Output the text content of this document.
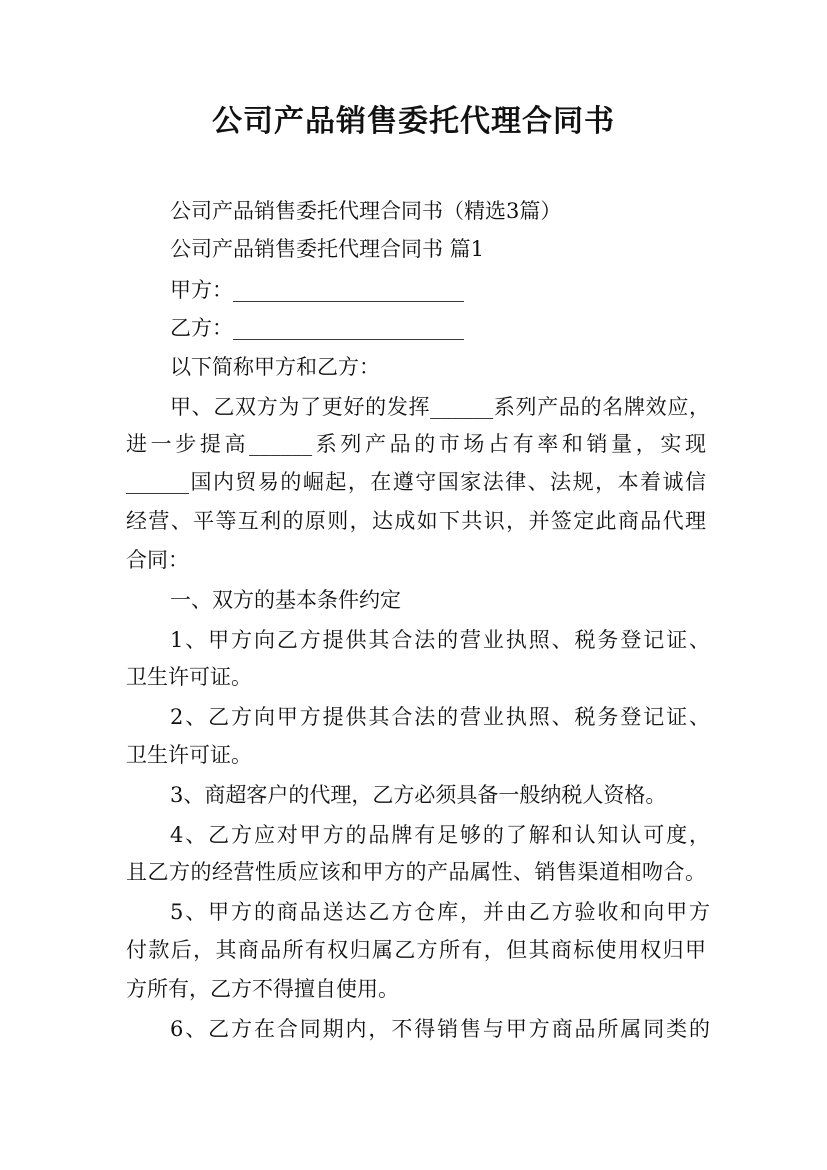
公司产品销售委托代理合同书
公司产品销售委托代理合同书（精选3篇）
公司产品销售委托代理合同书 篇1
甲方：______________________
乙方：______________________
以下简称甲方和乙方：
甲、乙双方为了更好的发挥______系列产品的名牌效应，
进一步提高______系列产品的市场占有率和销量，实现
______国内贸易的崛起，在遵守国家法律、法规，本着诚信
经营、平等互利的原则，达成如下共识，并签定此商品代理
合同：
一、双方的基本条件约定
1、甲方向乙方提供其合法的营业执照、税务登记证、
卫生许可证。
2、乙方向甲方提供其合法的营业执照、税务登记证、
卫生许可证。
3、商超客户的代理，乙方必须具备一般纳税人资格。
4、乙方应对甲方的品牌有足够的了解和认知认可度，
且乙方的经营性质应该和甲方的产品属性、销售渠道相吻合。
5、甲方的商品送达乙方仓库，并由乙方验收和向甲方
付款后，其商品所有权归属乙方所有，但其商标使用权归甲
方所有，乙方不得擅自使用。
6、乙方在合同期内，不得销售与甲方商品所属同类的
